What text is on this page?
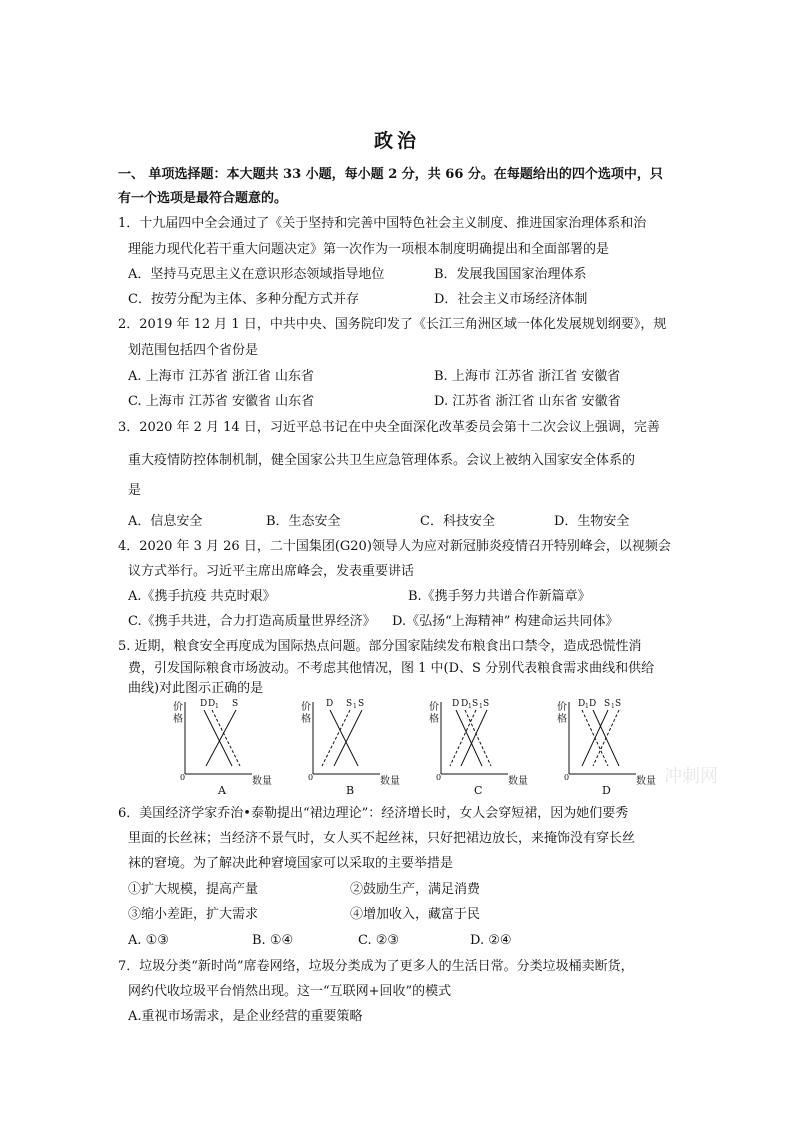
政治
一、 单项选择题：本大题共 33 小题，每小题 2 分，共 66 分。在每题给出的四个选项中，只
有一个选项是最符合题意的。
1．十九届四中全会通过了《关于坚持和完善中国特色社会主义制度、推进国家治理体系和治
理能力现代化若干重大问题决定》第一次作为一项根本制度明确提出和全面部署的是
A．坚持马克思主义在意识形态领域指导地位	B．发展我国国家治理体系
C．按劳分配为主体、多种分配方式并存	D．社会主义市场经济体制
2．2019 年 12 月 1 日，中共中央、国务院印发了《长江三角洲区域一体化发展规划纲要》，规
划范围包括四个省份是
A. 上海市 江苏省 浙江省 山东省	B. 上海市 江苏省 浙江省 安徽省
C. 上海市 江苏省 安徽省 山东省	D. 江苏省 浙江省 山东省 安徽省
3．2020 年 2 月 14 日，习近平总书记在中央全面深化改革委员会第十二次会议上强调，完善
重大疫情防控体制机制，健全国家公共卫生应急管理体系。会议上被纳入国家安全体系的
是
A．信息安全	B．生态安全	C．科技安全	D．生物安全
4．2020 年 3 月 26 日，二十国集团(G20)领导人为应对新冠肺炎疫情召开特别峰会，以视频会
议方式举行。习近平主席出席峰会，发表重要讲话
A.《携手抗疫 共克时艰》	B.《携手努力共谱合作新篇章》
C.《携手共进，合力打造高质量世界经济》 D.《弘扬“上海精神” 构建命运共同体》
5. 近期，粮食安全再度成为国际热点问题。部分国家陆续发布粮食出口禁令，造成恐慌性消
费，引发国际粮食市场波动。不考虑其他情况，图 1 中(D、S 分别代表粮食需求曲线和供给
曲线)对此图示正确的是
价
格
0	数量
D D 1 S
A
价
格
0	数量
D S 1 S
B
价
格
0	数量
D D 1 S 1 S
C
价
格
0	数量
D 1 D S 1 S
D
冲刺网
6．美国经济学家乔治•泰勒提出“裙边理论”：经济增长时，女人会穿短裙，因为她们要秀
里面的长丝袜；当经济不景气时，女人买不起丝袜，只好把裙边放长，来掩饰没有穿长丝
袜的窘境。为了解决此种窘境国家可以采取的主要举措是
①扩大规模，提高产量	②鼓励生产，满足消费
③缩小差距，扩大需求	④增加收入，藏富于民
A. ①③	B. ①④	C. ②③	D. ②④
7．垃圾分类“新时尚”席卷网络，垃圾分类成为了更多人的生活日常。分类垃圾桶卖断货，
网约代收垃圾平台悄然出现。这一“互联网+回收”的模式
A.重视市场需求，是企业经营的重要策略
